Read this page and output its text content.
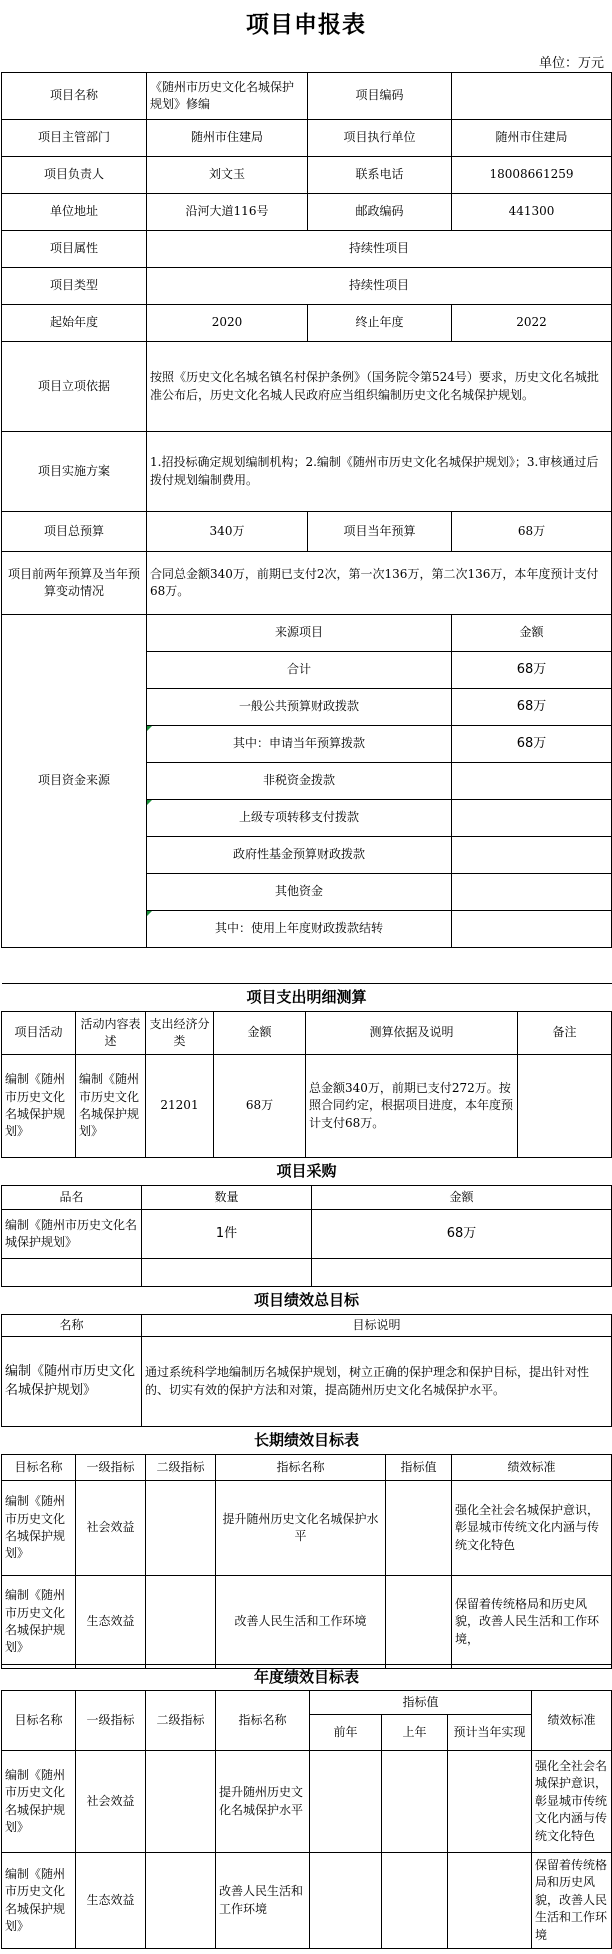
项目申报表
单位：万元
项目名称	《随州市历史文化名城保护规划》修编	项目编码	
项目主管部门	随州市住建局	项目执行单位	随州市住建局
项目负责人	刘文玉	联系电话	18008661259
单位地址	沿河大道116号	邮政编码	441300
项目属性	持续性项目		
项目类型	持续性项目		
起始年度	2020	终止年度	2022
项目立项依据	按照《历史文化名城名镇名村保护条例》（国务院令第524号）要求，历史文化名城批准公布后，历史文化名城人民政府应当组织编制历史文化名城保护规划。		
项目实施方案	1.招投标确定规划编制机构；2.编制《随州市历史文化名城保护规划》；3.审核通过后拨付规划编制费用。		
项目总预算	340万	项目当年预算	68万
项目前两年预算及当年预算变动情况	合同总金额340万，前期已支付2次，第一次136万，第二次136万，本年度预计支付68万。		
项目资金来源	来源项目		金额
	合计		68万
	一般公共预算财政拨款		68万
	其中：申请当年预算拨款		68万
	非税资金拨款		
	上级专项转移支付拨款		
	政府性基金预算财政拨款		
	其他资金		
	其中：使用上年度财政拨款结转		
项目支出明细测算					
项目活动	活动内容表述	支出经济分类	金额	测算依据及说明	备注
编制《随州市历史文化名城保护规划》	编制《随州市历史文化名城保护规划》	21201	68万	总金额340万，前期已支付272万。按照合同约定，根据项目进度，本年度预计支付68万。	
项目采购		
品名	数量	金额
编制《随州市历史文化名城保护规划》	1件	68万

项目绩效总目标	
名称	目标说明
编制《随州市历史文化名城保护规划》	通过系统科学地编制历名城保护规划，树立正确的保护理念和保护目标，提出针对性的、切实有效的保护方法和对策，提高随州历史文化名城保护水平。
长期绩效目标表					
目标名称	一级指标	二级指标	指标名称	指标值	绩效标准
编制《随州市历史文化名城保护规划》	社会效益		提升随州历史文化名城保护水平		强化全社会名城保护意识，彰显城市传统文化内涵与传统文化特色
编制《随州市历史文化名城保护规划》	生态效益		改善人民生活和工作环境		保留着传统格局和历史风貌，改善人民生活和工作环境，
年度绩效目标表							
目标名称	一级指标	二级指标	指标名称	指标值			绩效标准
				前年	上年	预计当年实现	
编制《随州市历史文化名城保护规划》	社会效益		提升随州历史文化名城保护水平				强化全社会名城保护意识，彰显城市传统文化内涵与传统文化特色
编制《随州市历史文化名城保护规划》	生态效益		改善人民生活和工作环境				保留着传统格局和历史风貌，改善人民生活和工作环境
